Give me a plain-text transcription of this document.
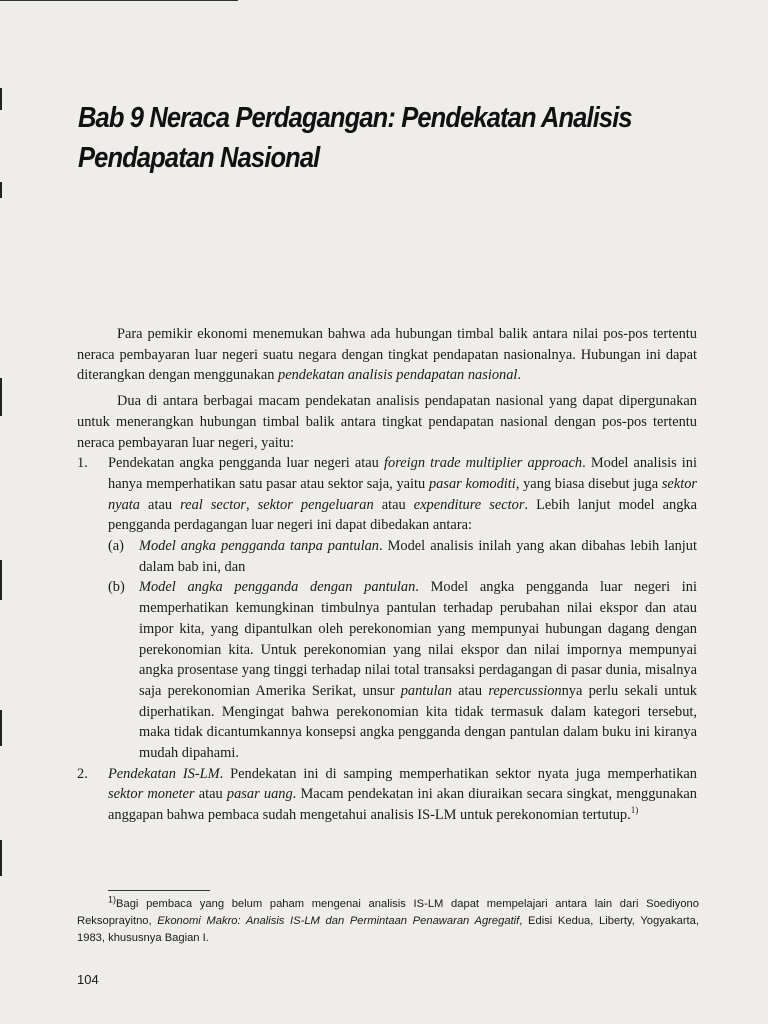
Bab 9 Neraca Perdagangan: Pendekatan Analisis
Pendapatan Nasional

Para pemikir ekonomi menemukan bahwa ada hubungan timbal balik antara nilai pos-pos tertentu neraca pembayaran luar negeri suatu negara dengan tingkat pendapatan nasionalnya. Hubungan ini dapat diterangkan dengan menggunakan pendekatan analisis pendapatan nasional.

Dua di antara berbagai macam pendekatan analisis pendapatan nasional yang dapat dipergunakan untuk menerangkan hubungan timbal balik antara tingkat pendapatan nasional dengan pos-pos tertentu neraca pembayaran luar negeri, yaitu:

1. Pendekatan angka pengganda luar negeri atau foreign trade multiplier approach. Model analisis ini hanya memperhatikan satu pasar atau sektor saja, yaitu pasar komoditi, yang biasa disebut juga sektor nyata atau real sector, sektor pengeluaran atau expenditure sector. Lebih lanjut model angka pengganda perdagangan luar negeri ini dapat dibedakan antara:
(a) Model angka pengganda tanpa pantulan. Model analisis inilah yang akan dibahas lebih lanjut dalam bab ini, dan
(b) Model angka pengganda dengan pantulan. Model angka pengganda luar negeri ini memperhatikan kemungkinan timbulnya pantulan terhadap perubahan nilai ekspor dan atau impor kita, yang dipantulkan oleh perekonomian yang mempunyai hubungan dagang dengan perekonomian kita. Untuk perekonomian yang nilai ekspor dan nilai impornya mempunyai angka prosentase yang tinggi terhadap nilai total transaksi perdagangan di pasar dunia, misalnya saja perekonomian Amerika Serikat, unsur pantulan atau repercussionnya perlu sekali untuk diperhatikan. Mengingat bahwa perekonomian kita tidak termasuk dalam kategori tersebut, maka tidak dicantumkannya konsepsi angka pengganda dengan pantulan dalam buku ini kiranya mudah dipahami.
2. Pendekatan IS-LM. Pendekatan ini di samping memperhatikan sektor nyata juga memperhatikan sektor moneter atau pasar uang. Macam pendekatan ini akan diuraikan secara singkat, menggunakan anggapan bahwa pembaca sudah mengetahui analisis IS-LM untuk perekonomian tertutup.$^{1)}$
$^{1)}$Bagi pembaca yang belum paham mengenai analisis IS-LM dapat mempelajari antara lain dari Soediyono Reksoprayitno, Ekonomi Makro: Analisis IS-LM dan Permintaan Penawaran Agregatif, Edisi Kedua, Liberty, Yogyakarta, 1983, khususnya Bagian I.
104
